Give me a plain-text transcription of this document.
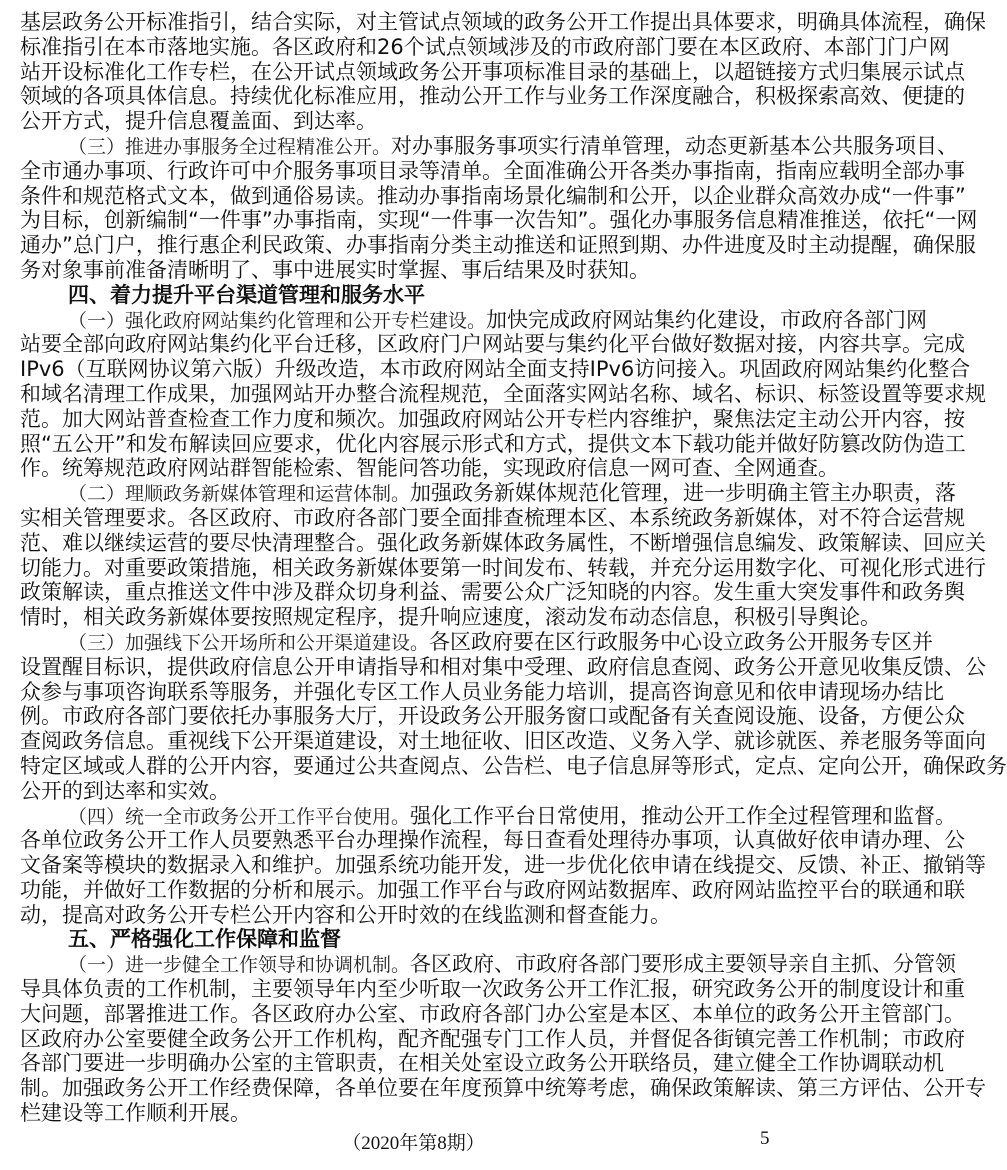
基层政务公开标准指引，结合实际，对主管试点领域的政务公开工作提出具体要求，明确具体流程，确保
标准指引在本市落地实施。各区政府和26个试点领域涉及的市政府部门要在本区政府、本部门门户网
站开设标准化工作专栏，在公开试点领域政务公开事项标准目录的基础上，以超链接方式归集展示试点
领域的各项具体信息。持续优化标准应用，推动公开工作与业务工作深度融合，积极探索高效、便捷的
公开方式，提升信息覆盖面、到达率。
（三）推进办事服务全过程精准公开。对办事服务事项实行清单管理，动态更新基本公共服务项目、
全市通办事项、行政许可中介服务事项目录等清单。全面准确公开各类办事指南，指南应载明全部办事
条件和规范格式文本，做到通俗易读。推动办事指南场景化编制和公开，以企业群众高效办成“一件事”
为目标，创新编制“一件事”办事指南，实现“一件事一次告知”。强化办事服务信息精准推送，依托“一网
通办”总门户，推行惠企利民政策、办事指南分类主动推送和证照到期、办件进度及时主动提醒，确保服
务对象事前准备清晰明了、事中进展实时掌握、事后结果及时获知。
四、着力提升平台渠道管理和服务水平
（一）强化政府网站集约化管理和公开专栏建设。加快完成政府网站集约化建设，市政府各部门网
站要全部向政府网站集约化平台迁移，区政府门户网站要与集约化平台做好数据对接，内容共享。完成
IPv6（互联网协议第六版）升级改造，本市政府网站全面支持IPv6访问接入。巩固政府网站集约化整合
和域名清理工作成果，加强网站开办整合流程规范，全面落实网站名称、域名、标识、标签设置等要求规
范。加大网站普查检查工作力度和频次。加强政府网站公开专栏内容维护，聚焦法定主动公开内容，按
照“五公开”和发布解读回应要求，优化内容展示形式和方式，提供文本下载功能并做好防篡改防伪造工
作。统筹规范政府网站群智能检索、智能问答功能，实现政府信息一网可查、全网通查。
（二）理顺政务新媒体管理和运营体制。加强政务新媒体规范化管理，进一步明确主管主办职责，落
实相关管理要求。各区政府、市政府各部门要全面排查梳理本区、本系统政务新媒体，对不符合运营规
范、难以继续运营的要尽快清理整合。强化政务新媒体政务属性，不断增强信息编发、政策解读、回应关
切能力。对重要政策措施，相关政务新媒体要第一时间发布、转载，并充分运用数字化、可视化形式进行
政策解读，重点推送文件中涉及群众切身利益、需要公众广泛知晓的内容。发生重大突发事件和政务舆
情时，相关政务新媒体要按照规定程序，提升响应速度，滚动发布动态信息，积极引导舆论。
（三）加强线下公开场所和公开渠道建设。各区政府要在区行政服务中心设立政务公开服务专区并
设置醒目标识，提供政府信息公开申请指导和相对集中受理、政府信息查阅、政务公开意见收集反馈、公
众参与事项咨询联系等服务，并强化专区工作人员业务能力培训，提高咨询意见和依申请现场办结比
例。市政府各部门要依托办事服务大厅，开设政务公开服务窗口或配备有关查阅设施、设备，方便公众
查阅政务信息。重视线下公开渠道建设，对土地征收、旧区改造、义务入学、就诊就医、养老服务等面向
特定区域或人群的公开内容，要通过公共查阅点、公告栏、电子信息屏等形式，定点、定向公开，确保政务
公开的到达率和实效。
（四）统一全市政务公开工作平台使用。强化工作平台日常使用，推动公开工作全过程管理和监督。
各单位政务公开工作人员要熟悉平台办理操作流程，每日查看处理待办事项，认真做好依申请办理、公
文备案等模块的数据录入和维护。加强系统功能开发，进一步优化依申请在线提交、反馈、补正、撤销等
功能，并做好工作数据的分析和展示。加强工作平台与政府网站数据库、政府网站监控平台的联通和联
动，提高对政务公开专栏公开内容和公开时效的在线监测和督查能力。
五、严格强化工作保障和监督
（一）进一步健全工作领导和协调机制。各区政府、市政府各部门要形成主要领导亲自主抓、分管领
导具体负责的工作机制，主要领导年内至少听取一次政务公开工作汇报，研究政务公开的制度设计和重
大问题，部署推进工作。各区政府办公室、市政府各部门办公室是本区、本单位的政务公开主管部门。
区政府办公室要健全政务公开工作机构，配齐配强专门工作人员，并督促各街镇完善工作机制；市政府
各部门要进一步明确办公室的主管职责，在相关处室设立政务公开联络员，建立健全工作协调联动机
制。加强政务公开工作经费保障，各单位要在年度预算中统筹考虑，确保政策解读、第三方评估、公开专
栏建设等工作顺利开展。
（2020年第8期）	5
